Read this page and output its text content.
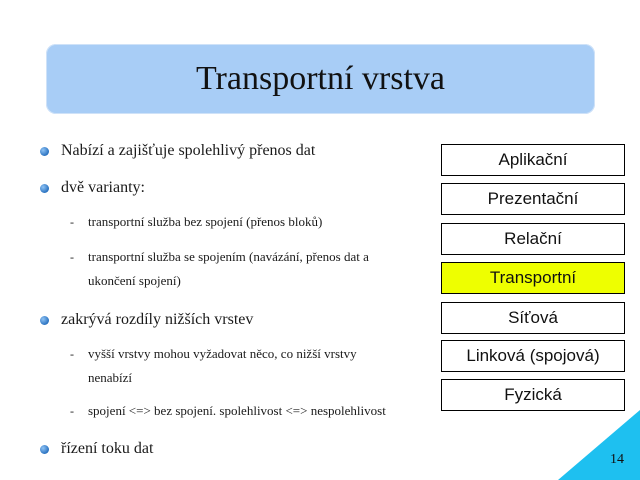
Transportní vrstva
Nabízí a zajišťuje spolehlivý přenos dat
dvě varianty:
-	transportní služba bez spojení (přenos bloků)
-	transportní služba se spojením (navázání, přenos dat a ukončení spojení)
zakrývá rozdíly nižších vrstev
-	vyšší vrstvy mohou vyžadovat něco, co nižší vrstvy nenabízí
-	spojení <=> bez spojení. spolehlivost <=> nespolehlivost
řízení toku dat
Aplikační
Prezentační
Relační
Transportní
Síťová
Linková (spojová)
Fyzická
14
